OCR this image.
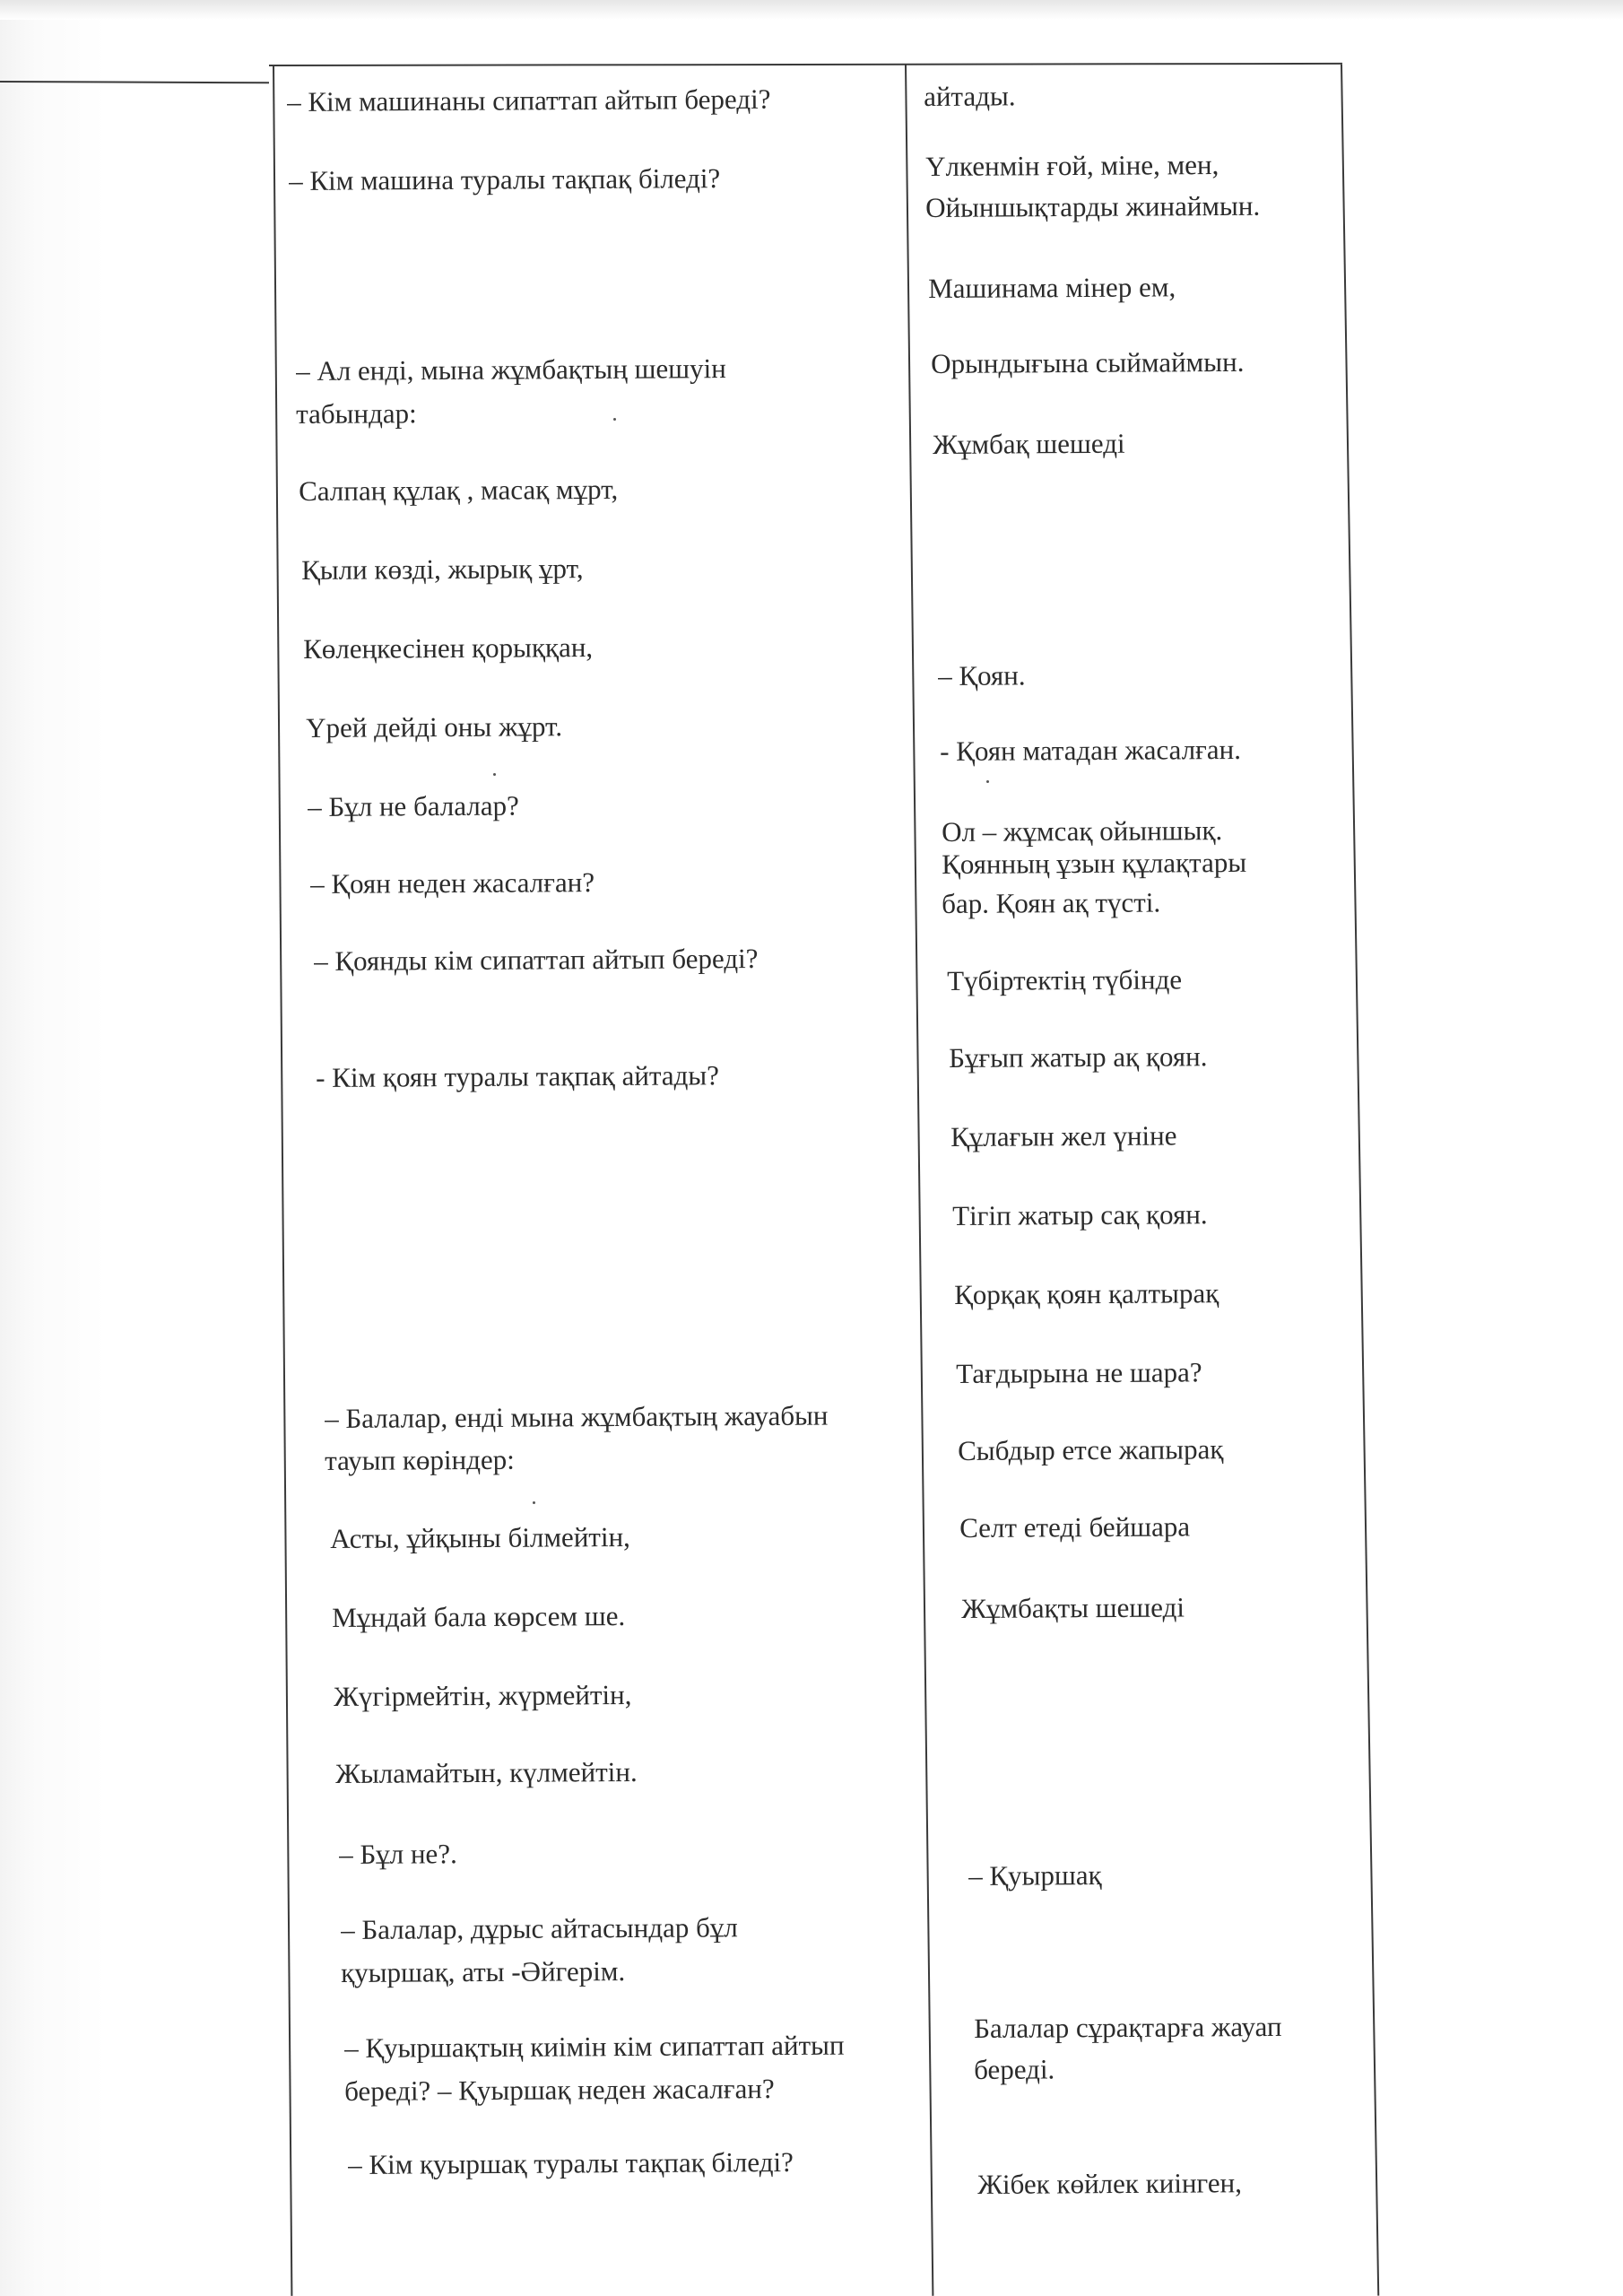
– Кім машинаны сипаттап айтып береді?
– Кім машина туралы тақпақ біледі?
– Ал енді, мына жұмбақтың шешуін
табындар:
Салпаң құлақ , масақ мұрт,
Қыли көзді, жырық ұрт,
Көлеңкесінен қорыққан,
Үрей дейді оны жұрт.
– Бұл не балалар?
– Қоян неден жасалған?
– Қоянды кім сипаттап айтып береді?
- Кім қоян туралы тақпақ айтады?
– Балалар, енді мына жұмбақтың жауабын
тауып көріндер:
Асты, ұйқыны білмейтін,
Мұндай бала көрсем ше.
Жүгірмейтін, жүрмейтін,
Жыламайтын, күлмейтін.
– Бұл не?.
– Балалар, дұрыс айтасындар бұл
қуыршақ, аты -Әйгерім.
– Қуыршақтың киімін кім сипаттап айтып
береді? – Қуыршақ неден жасалған?
– Кім қуыршақ туралы тақпақ біледі?
айтады.
Үлкенмін ғой, міне, мен,
Ойыншықтарды жинаймын.
Машинама мінер ем,
Орындығына сыймаймын.
Жұмбақ шешеді
– Қоян.
- Қоян матадан жасалған.
Ол – жұмсақ ойыншық.
Қоянның ұзын құлақтары
бар. Қоян ақ түсті.
Түбіртектің түбінде
Бұғып жатыр ақ қоян.
Құлағын жел үніне
Тігіп жатыр сақ қоян.
Қорқақ қоян қалтырақ
Тағдырына не шара?
Сыбдыр етсе жапырақ
Селт етеді бейшара
Жұмбақты шешеді
– Қуыршақ
Балалар сұрақтарға жауап
береді.
Жібек көйлек киінген,
